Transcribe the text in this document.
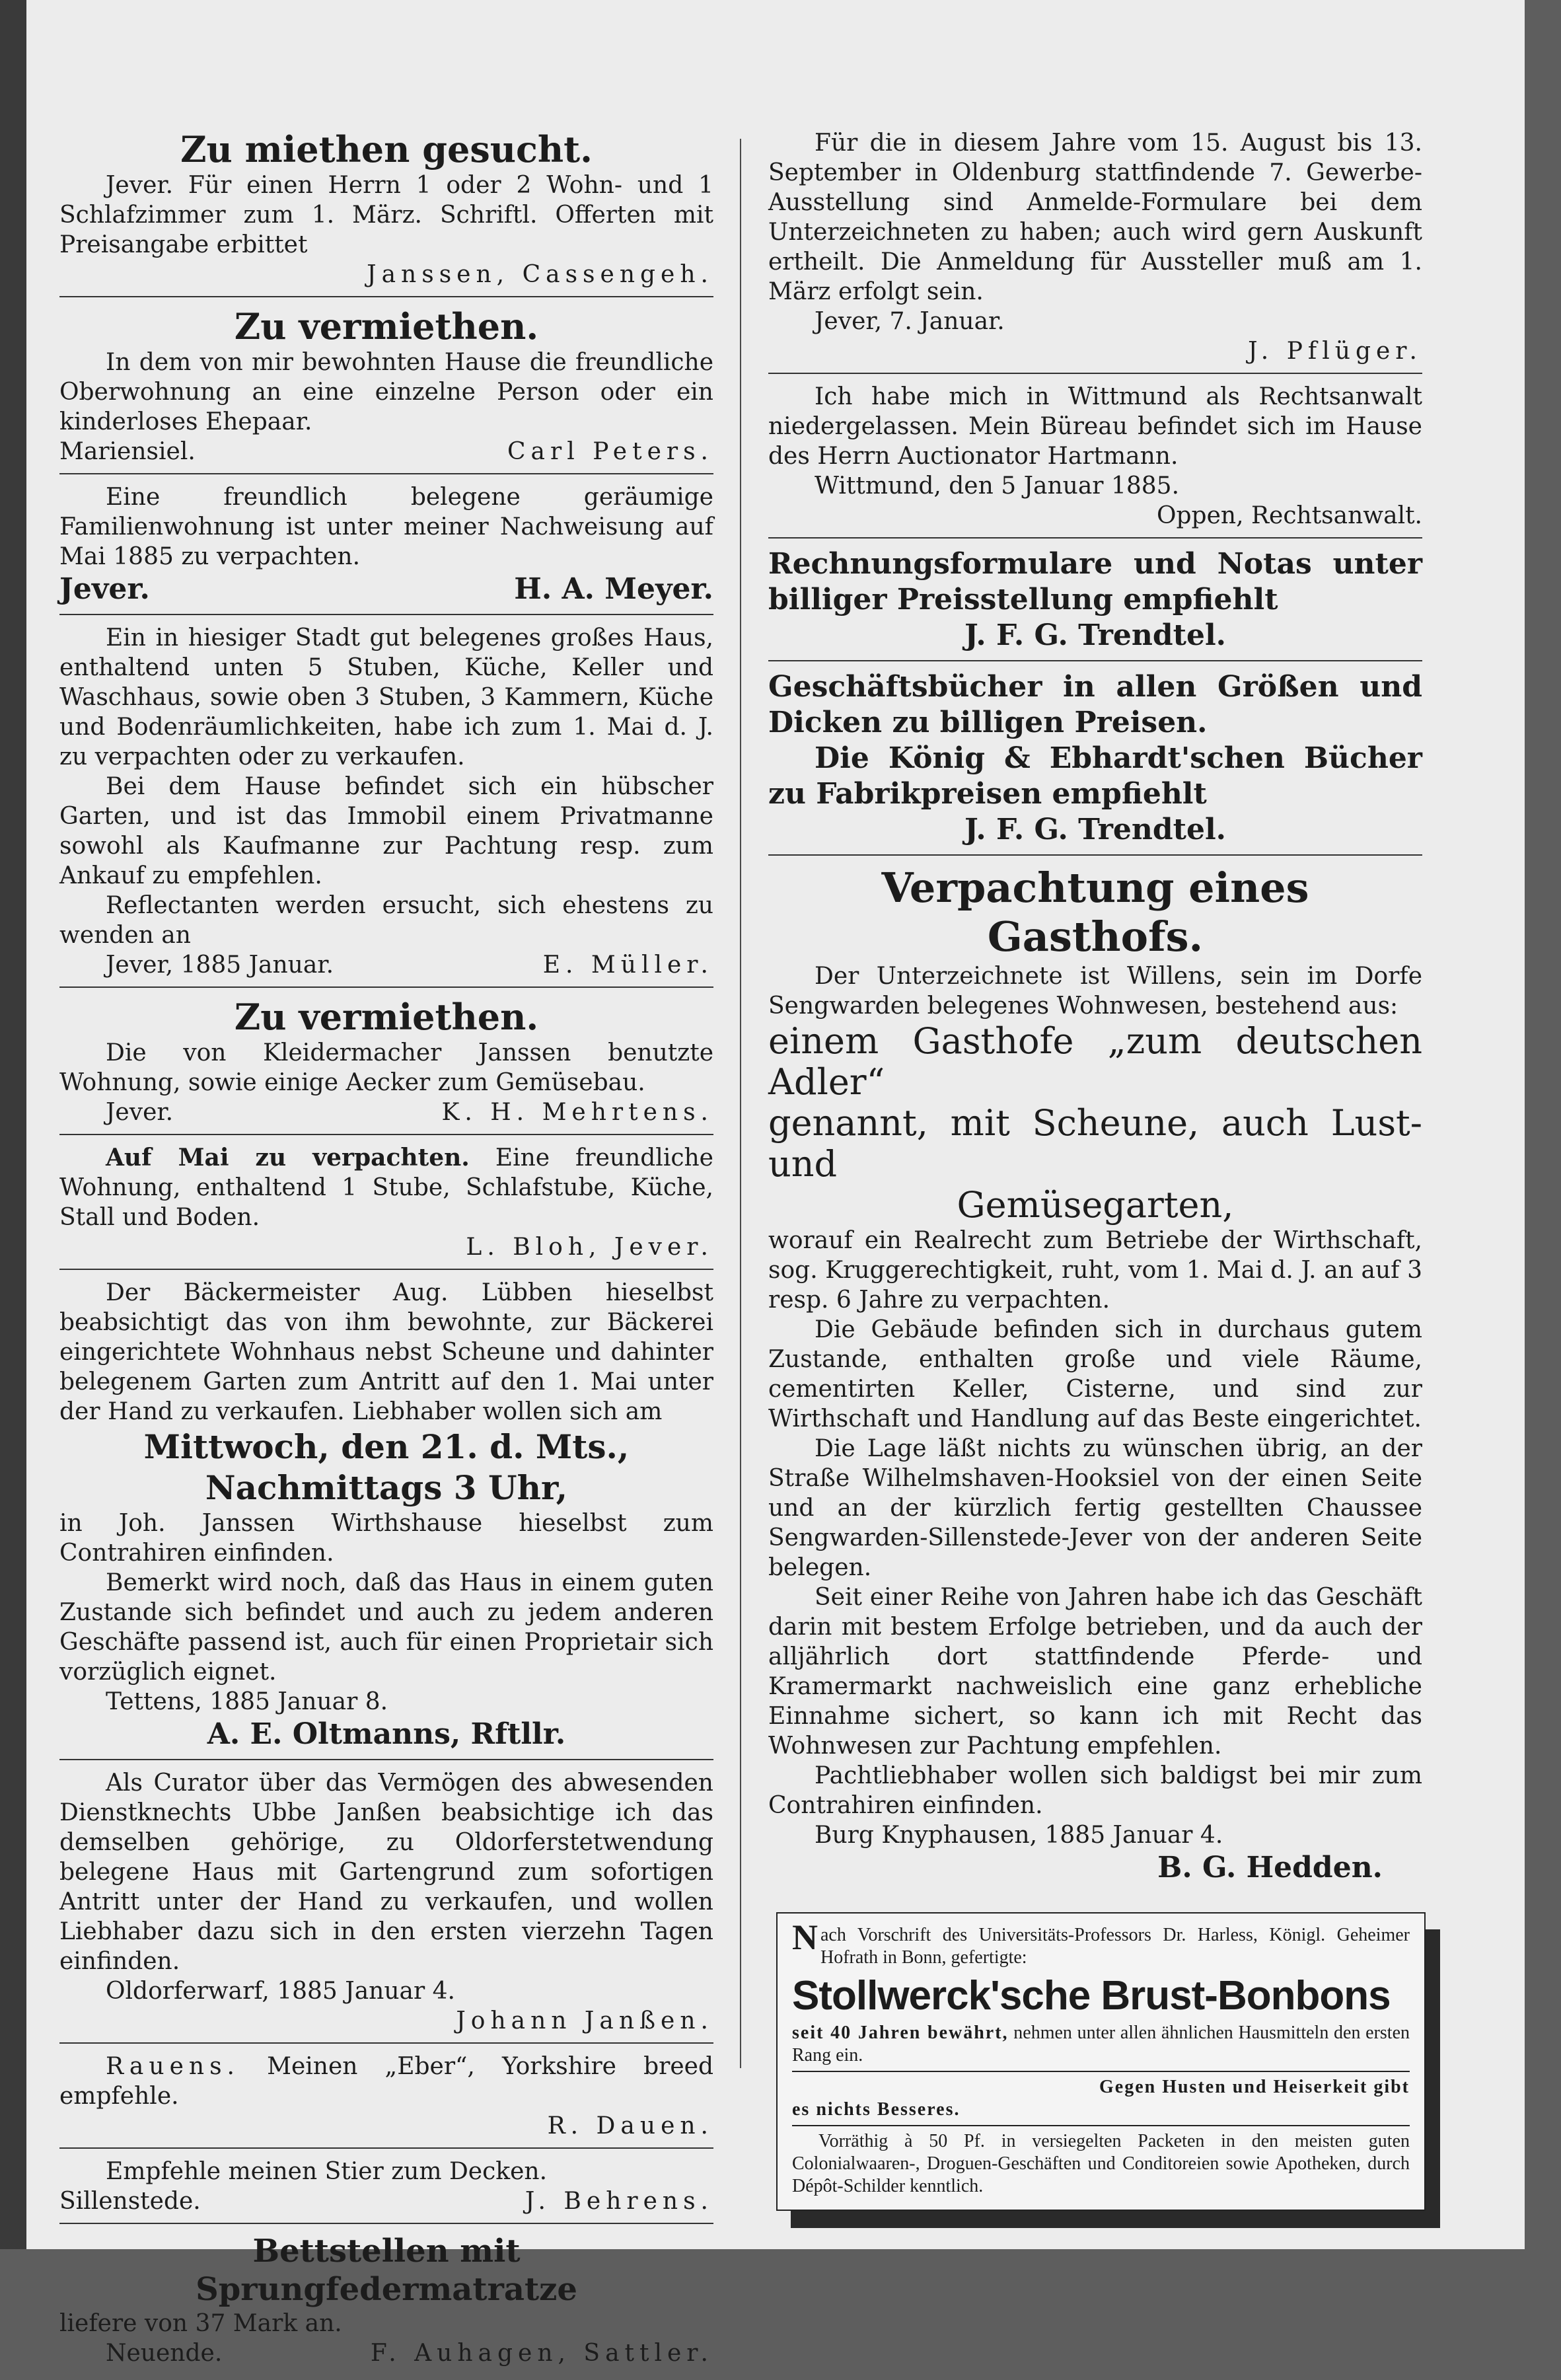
Zu miethen gesucht.

Jever. Für einen Herrn 1 oder 2 Wohn- und 1 Schlafzimmer zum 1. März. Schriftl. Offerten mit Preisangabe erbittet

Janssen, Cassengeh.

Zu vermiethen.

In dem von mir bewohnten Hause die freundliche Oberwohnung an eine einzelne Person oder ein kinderloses Ehepaar.

Mariensiel.	Carl Peters.

Eine freundlich belegene geräumige Familienwohnung ist unter meiner Nachweisung auf Mai 1885 zu verpachten.

Jever.	H. A. Meyer.

Ein in hiesiger Stadt gut belegenes großes Haus, enthaltend unten 5 Stuben, Küche, Keller und Waschhaus, sowie oben 3 Stuben, 3 Kammern, Küche und Bodenräumlichkeiten, habe ich zum 1. Mai d. J. zu verpachten oder zu verkaufen.

Bei dem Hause befindet sich ein hübscher Garten, und ist das Immobil einem Privatmanne sowohl als Kaufmanne zur Pachtung resp. zum Ankauf zu empfehlen.

Reflectanten werden ersucht, sich ehestens zu wenden an

Jever, 1885 Januar.	E. Müller.
Zu vermiethen.

Die von Kleidermacher Janssen benutzte Wohnung, sowie einige Aecker zum Gemüsebau.

Jever.	K. H. Mehrtens.

Auf Mai zu verpachten. Eine freundliche Wohnung, enthaltend 1 Stube, Schlafstube, Küche, Stall und Boden.

L. Bloh, Jever.

Der Bäckermeister Aug. Lübben hieselbst beabsichtigt das von ihm bewohnte, zur Bäckerei eingerichtete Wohnhaus nebst Scheune und dahinter belegenem Garten zum Antritt auf den 1. Mai unter der Hand zu verkaufen. Liebhaber wollen sich am

Mittwoch, den 21. d. Mts.,
Nachmittags 3 Uhr,

in Joh. Janssen Wirthshause hieselbst zum Contrahiren einfinden.

Bemerkt wird noch, daß das Haus in einem guten Zustande sich befindet und auch zu jedem anderen Geschäfte passend ist, auch für einen Proprietair sich vorzüglich eignet.

Tettens, 1885 Januar 8.

A. E. Oltmanns, Rftllr.

Als Curator über das Vermögen des abwesenden Dienstknechts Ubbe Janßen beabsichtige ich das demselben gehörige, zu Oldorferstetwendung belegene Haus mit Gartengrund zum sofortigen Antritt unter der Hand zu verkaufen, und wollen Liebhaber dazu sich in den ersten vierzehn Tagen einfinden.

Oldorferwarf, 1885 Januar 4.

Johann Janßen.

Rauens. Meinen „Eber“, Yorkshire breed empfehle.

R. Dauen.

Empfehle meinen Stier zum Decken.

Sillenstede.	J. Behrens.
Bettstellen mit Sprungfedermatratze

liefere von 37 Mark an.

Neuende.	F. Auhagen, Sattler.

Für die in diesem Jahre vom 15. August bis 13. September in Oldenburg stattfindende 7. Gewerbe-Ausstellung sind Anmelde-Formulare bei dem Unterzeichneten zu haben; auch wird gern Auskunft ertheilt. Die Anmeldung für Aussteller muß am 1. März erfolgt sein.

Jever, 7. Januar.

J. Pflüger.

Ich habe mich in Wittmund als Rechtsanwalt niedergelassen. Mein Büreau befindet sich im Hause des Herrn Auctionator Hartmann.

Wittmund, den 5 Januar 1885.

Oppen, Rechtsanwalt.

Rechnungsformulare und Notas unter billiger Preisstellung empfiehlt

J. F. G. Trendtel.

Geschäftsbücher in allen Größen und Dicken zu billigen Preisen.

Die König & Ebhardt'schen Bücher zu Fabrikpreisen empfiehlt

J. F. G. Trendtel.
Verpachtung eines Gasthofs.

Der Unterzeichnete ist Willens, sein im Dorfe Sengwarden belegenes Wohnwesen, bestehend aus:

einem Gasthofe „zum deutschen Adler“

genannt, mit Scheune, auch Lust- und

Gemüsegarten,

worauf ein Realrecht zum Betriebe der Wirthschaft, sog. Kruggerechtigkeit, ruht, vom 1. Mai d. J. an auf 3 resp. 6 Jahre zu verpachten.

Die Gebäude befinden sich in durchaus gutem Zustande, enthalten große und viele Räume, cementirten Keller, Cisterne, und sind zur Wirthschaft und Handlung auf das Beste eingerichtet.

Die Lage läßt nichts zu wünschen übrig, an der Straße Wilhelmshaven-Hooksiel von der einen Seite und an der kürzlich fertig gestellten Chaussee Sengwarden-Sillenstede-Jever von der anderen Seite belegen.

Seit einer Reihe von Jahren habe ich das Geschäft darin mit bestem Erfolge betrieben, und da auch der alljährlich dort stattfindende Pferde- und Kramermarkt nachweislich eine ganz erhebliche Einnahme sichert, so kann ich mit Recht das Wohnwesen zur Pachtung empfehlen.

Pachtliebhaber wollen sich baldigst bei mir zum Contrahiren einfinden.

Burg Knyphausen, 1885 Januar 4.

B. G. Hedden.

Nach Vorschrift des Universitäts-Professors Dr. Harless, Königl. Geheimer Hofrath in Bonn, gefertigte:

Stollwerck'sche Brust-Bonbons

seit 40 Jahren bewährt, nehmen unter allen ähnlichen Hausmitteln den ersten Rang ein.

Gegen Husten und Heiserkeit gibt

es nichts Besseres.

Vorräthig à 50 Pf. in versiegelten Packeten in den meisten guten Colonialwaaren-, Droguen-Geschäften und Conditoreien sowie Apotheken, durch Dépôt-Schilder kenntlich.
